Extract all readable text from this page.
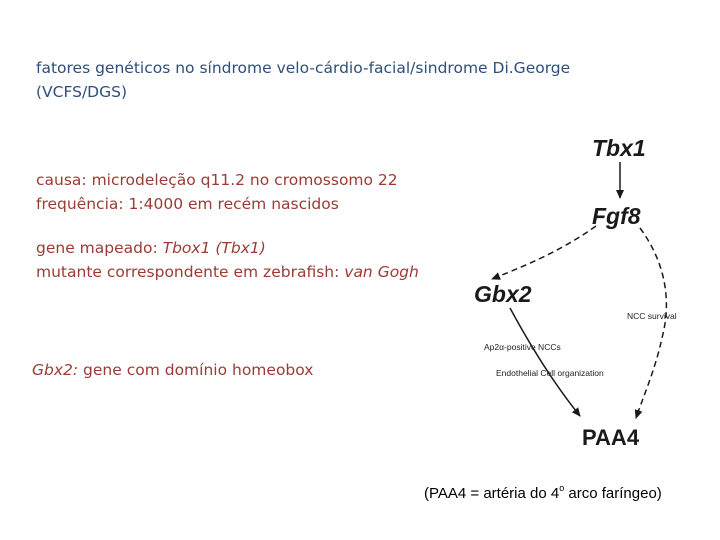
fatores genéticos no síndrome velo-cárdio-facial/sindrome Di.George
(VCFS/DGS)
causa: microdeleção q11.2 no cromossomo 22
frequência: 1:4000 em recém nascidos
gene mapeado: Tbox1 (Tbx1)
mutante correspondente em zebrafish: van Gogh
Gbx2: gene com domínio homeobox
Tbx1
Fgf8
Gbx2
PAA4
NCC survival
Ap2α-positive NCCs
Endothelial Cell organization
(PAA4 = artéria do 4$^o$ arco faríngeo)
